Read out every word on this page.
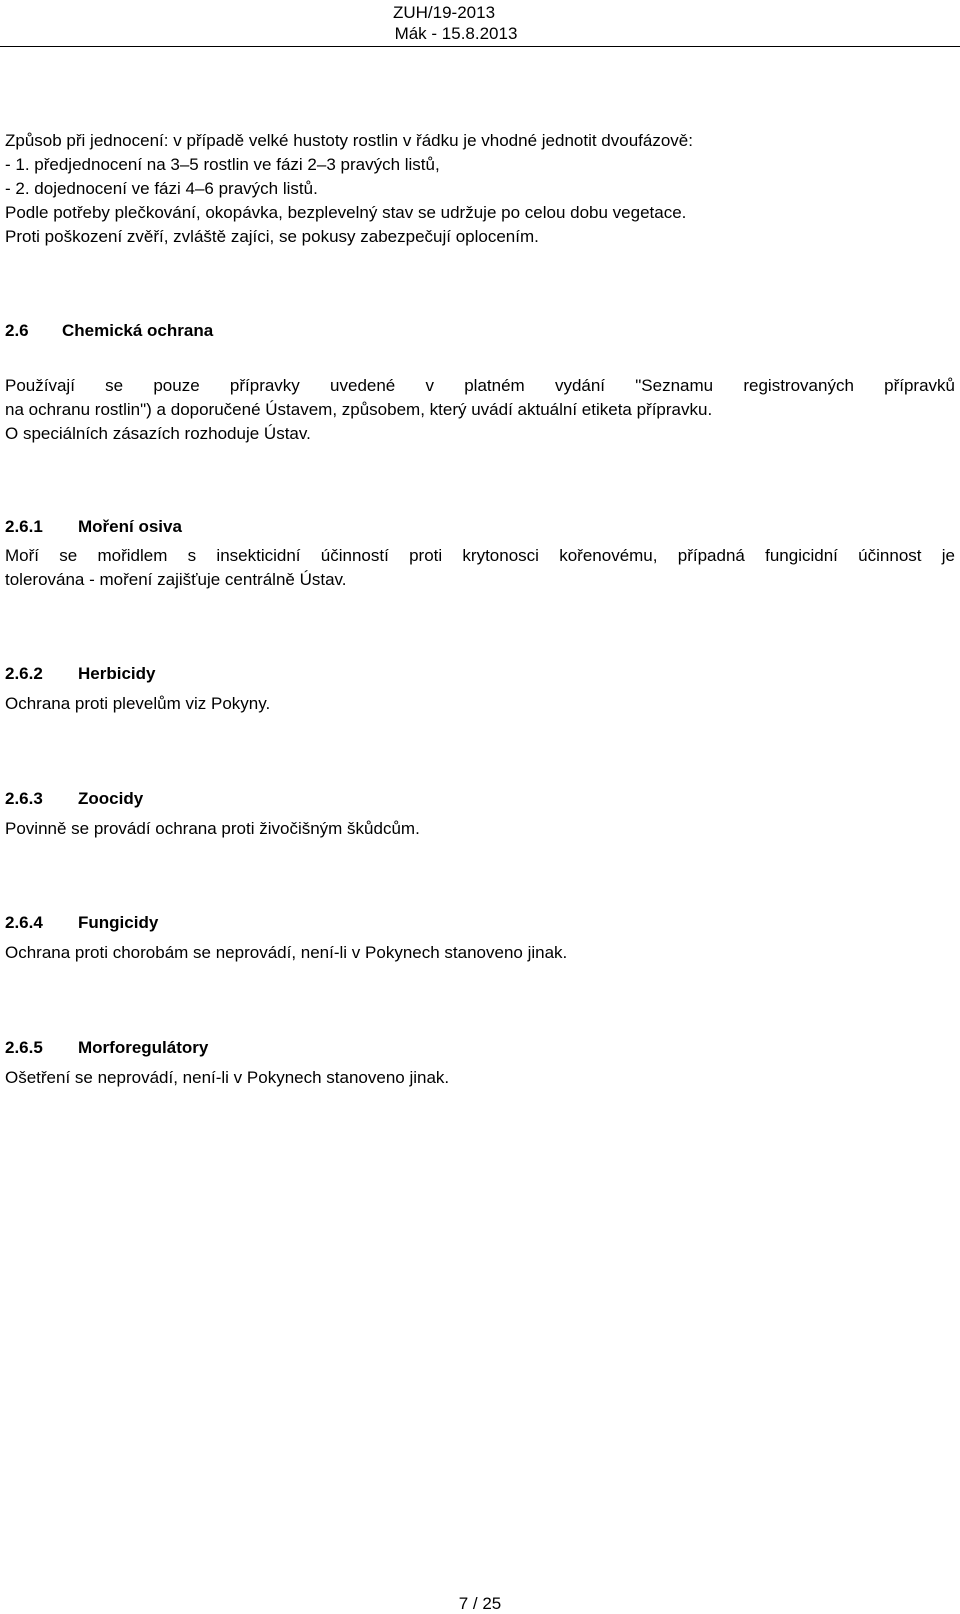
ZUH/19-2013
Mák - 15.8.2013
Způsob při jednocení: v případě velké hustoty rostlin v řádku je vhodné jednotit dvoufázově:
- 1. předjednocení na 3–5 rostlin ve fázi 2–3 pravých listů,
- 2. dojednocení ve fázi 4–6 pravých listů.
Podle potřeby plečkování, okopávka, bezplevelný stav se udržuje po celou dobu vegetace.
Proti poškození zvěří, zvláště zajíci, se pokusy zabezpečují oplocením.
2.6 Chemická ochrana
Používají se pouze přípravky uvedené v platném vydání "Seznamu registrovaných přípravků
na ochranu rostlin") a doporučené Ústavem, způsobem, který uvádí aktuální etiketa přípravku.
O speciálních zásazích rozhoduje Ústav.
2.6.1 Moření osiva
Moří se mořidlem s insekticidní účinností proti krytonosci kořenovému, případná fungicidní účinnost je
tolerována - moření zajišťuje centrálně Ústav.
2.6.2 Herbicidy
Ochrana proti plevelům viz Pokyny.
2.6.3 Zoocidy
Povinně se provádí ochrana proti živočišným škůdcům.
2.6.4 Fungicidy
Ochrana proti chorobám se neprovádí, není-li v Pokynech stanoveno jinak.
2.6.5 Morforegulátory
Ošetření se neprovádí, není-li v Pokynech stanoveno jinak.
7 / 25
